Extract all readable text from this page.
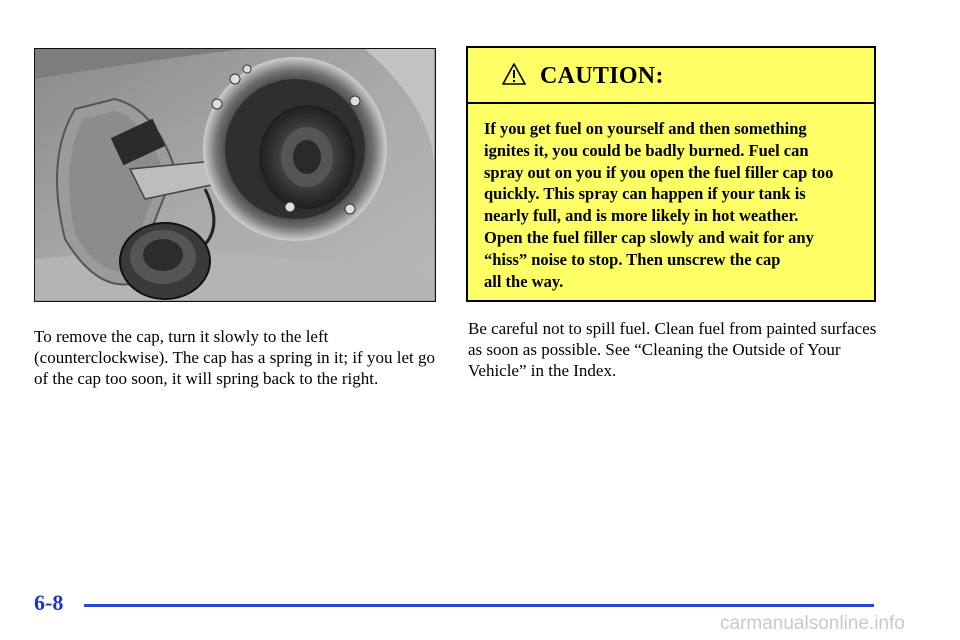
To remove the cap, turn it slowly to the left (counterclockwise). The cap has a spring in it; if you let go of the cap too soon, it will spring back to the right.
CAUTION:

If you get fuel on yourself and then something

ignites it, you could be badly burned. Fuel can

spray out on you if you open the fuel filler cap too

quickly. This spray can happen if your tank is

nearly full, and is more likely in hot weather.

Open the fuel filler cap slowly and wait for any

“hiss” noise to stop. Then unscrew the cap

all the way.

Be careful not to spill fuel. Clean fuel from painted surfaces as soon as possible. See “Cleaning the Outside of Your Vehicle” in the Index.
6-8
carmanualsonline.info
